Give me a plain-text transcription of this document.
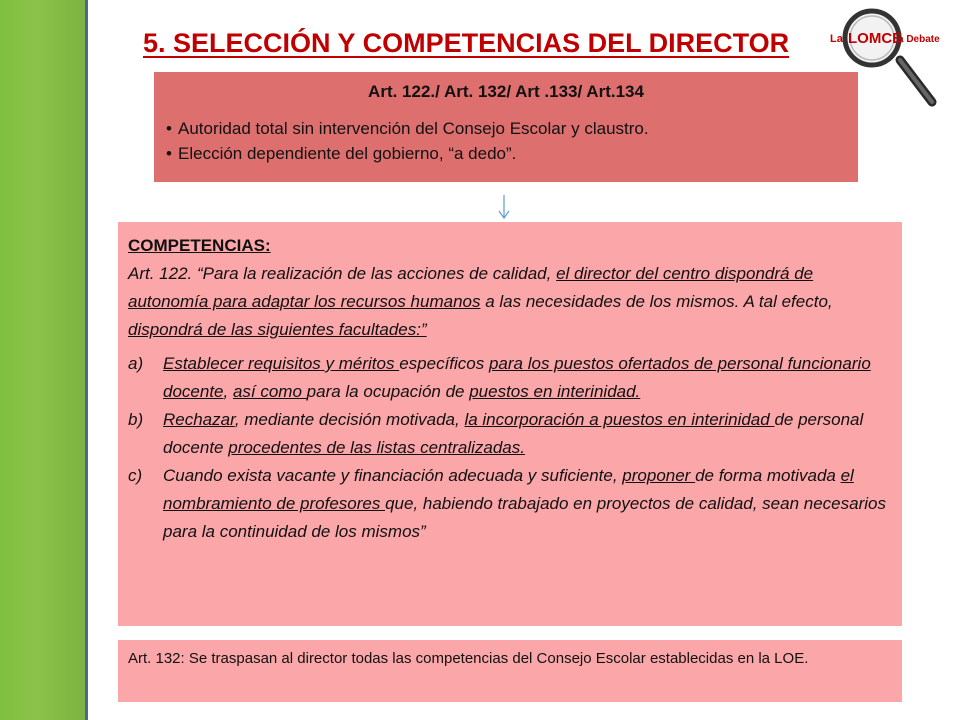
5. SELECCIÓN Y COMPETENCIAS DEL DIRECTOR	La LOMCE
a Debate
Art. 122./ Art. 132/ Art .133/ Art.134
• Autoridad total sin intervención del Consejo Escolar y claustro.
• Elección dependiente del gobierno, “a dedo”.
COMPETENCIAS:
Art. 122. “Para la realización de las acciones de calidad, el director del centro dispondrá de autonomía para adaptar los recursos humanos a las necesidades de los mismos. A tal efecto, dispondrá de las siguientes facultades:”
a)	Establecer requisitos y méritos específicos para los puestos ofertados de personal funcionario docente, así como para la ocupación de puestos en interinidad.
b)	Rechazar, mediante decisión motivada, la incorporación a puestos en interinidad de personal docente procedentes de las listas centralizadas.
c)	Cuando exista vacante y financiación adecuada y suficiente, proponer de forma motivada el nombramiento de profesores que, habiendo trabajado en proyectos de calidad, sean necesarios para la continuidad de los mismos”
Art. 132: Se traspasan al director todas las competencias del Consejo Escolar establecidas en la LOE.
